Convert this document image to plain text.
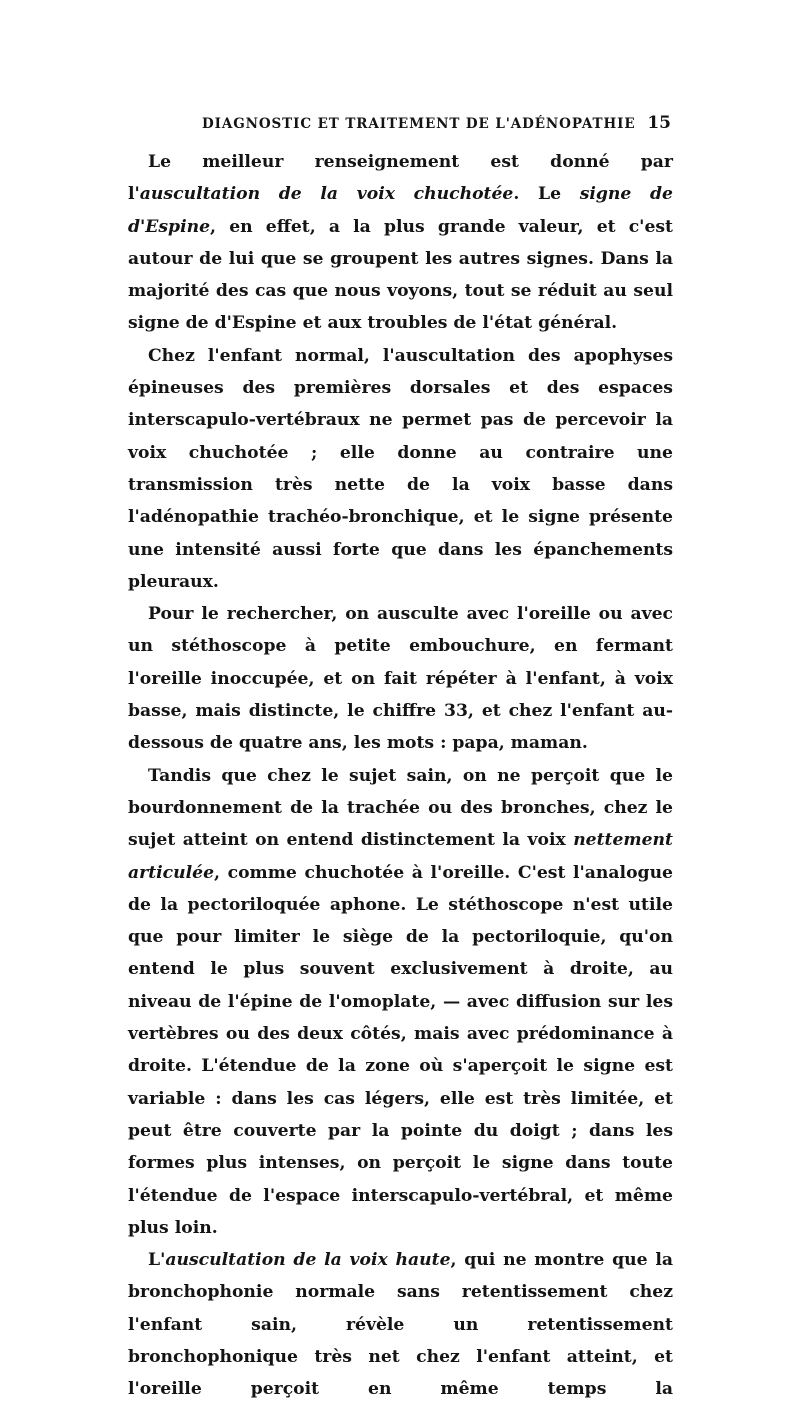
DIAGNOSTIC ET TRAITEMENT DE L'ADÉNOPATHIE 15

Le meilleur renseignement est donné par l'auscultation de la voix chuchotée. Le signe de d'Espine, en effet, a la plus grande valeur, et c'est autour de lui que se groupent les autres signes. Dans la majorité des cas que nous voyons, tout se réduit au seul signe de d'Espine et aux troubles de l'état général.

Chez l'enfant normal, l'auscultation des apophyses épineuses des premières dorsales et des espaces interscapulo-vertébraux ne permet pas de percevoir la voix chuchotée ; elle donne au contraire une transmission très nette de la voix basse dans l'adénopathie trachéo-bronchique, et le signe présente une intensité aussi forte que dans les épanchements pleuraux.

Pour le rechercher, on ausculte avec l'oreille ou avec un stéthoscope à petite embouchure, en fermant l'oreille inoccupée, et on fait répéter à l'enfant, à voix basse, mais distincte, le chiffre 33, et chez l'enfant au-dessous de quatre ans, les mots : papa, maman.

Tandis que chez le sujet sain, on ne perçoit que le bourdonnement de la trachée ou des bronches, chez le sujet atteint on entend distinctement la voix nettement articulée, comme chuchotée à l'oreille. C'est l'analogue de la pectoriloquée aphone. Le stéthoscope n'est utile que pour limiter le siège de la pectoriloquie, qu'on entend le plus souvent exclusivement à droite, au niveau de l'épine de l'omoplate, — avec diffusion sur les vertèbres ou des deux côtés, mais avec prédominance à droite. L'étendue de la zone où s'aperçoit le signe est variable : dans les cas légers, elle est très limitée, et peut être couverte par la pointe du doigt ; dans les formes plus intenses, on perçoit le signe dans toute l'étendue de l'espace interscapulo-vertébral, et même plus loin.

L'auscultation de la voix haute, qui ne montre que la bronchophonie normale sans retentissement chez l'enfant sain, révèle un retentissement bronchophonique très net chez l'enfant atteint, et l'oreille perçoit en même temps la
